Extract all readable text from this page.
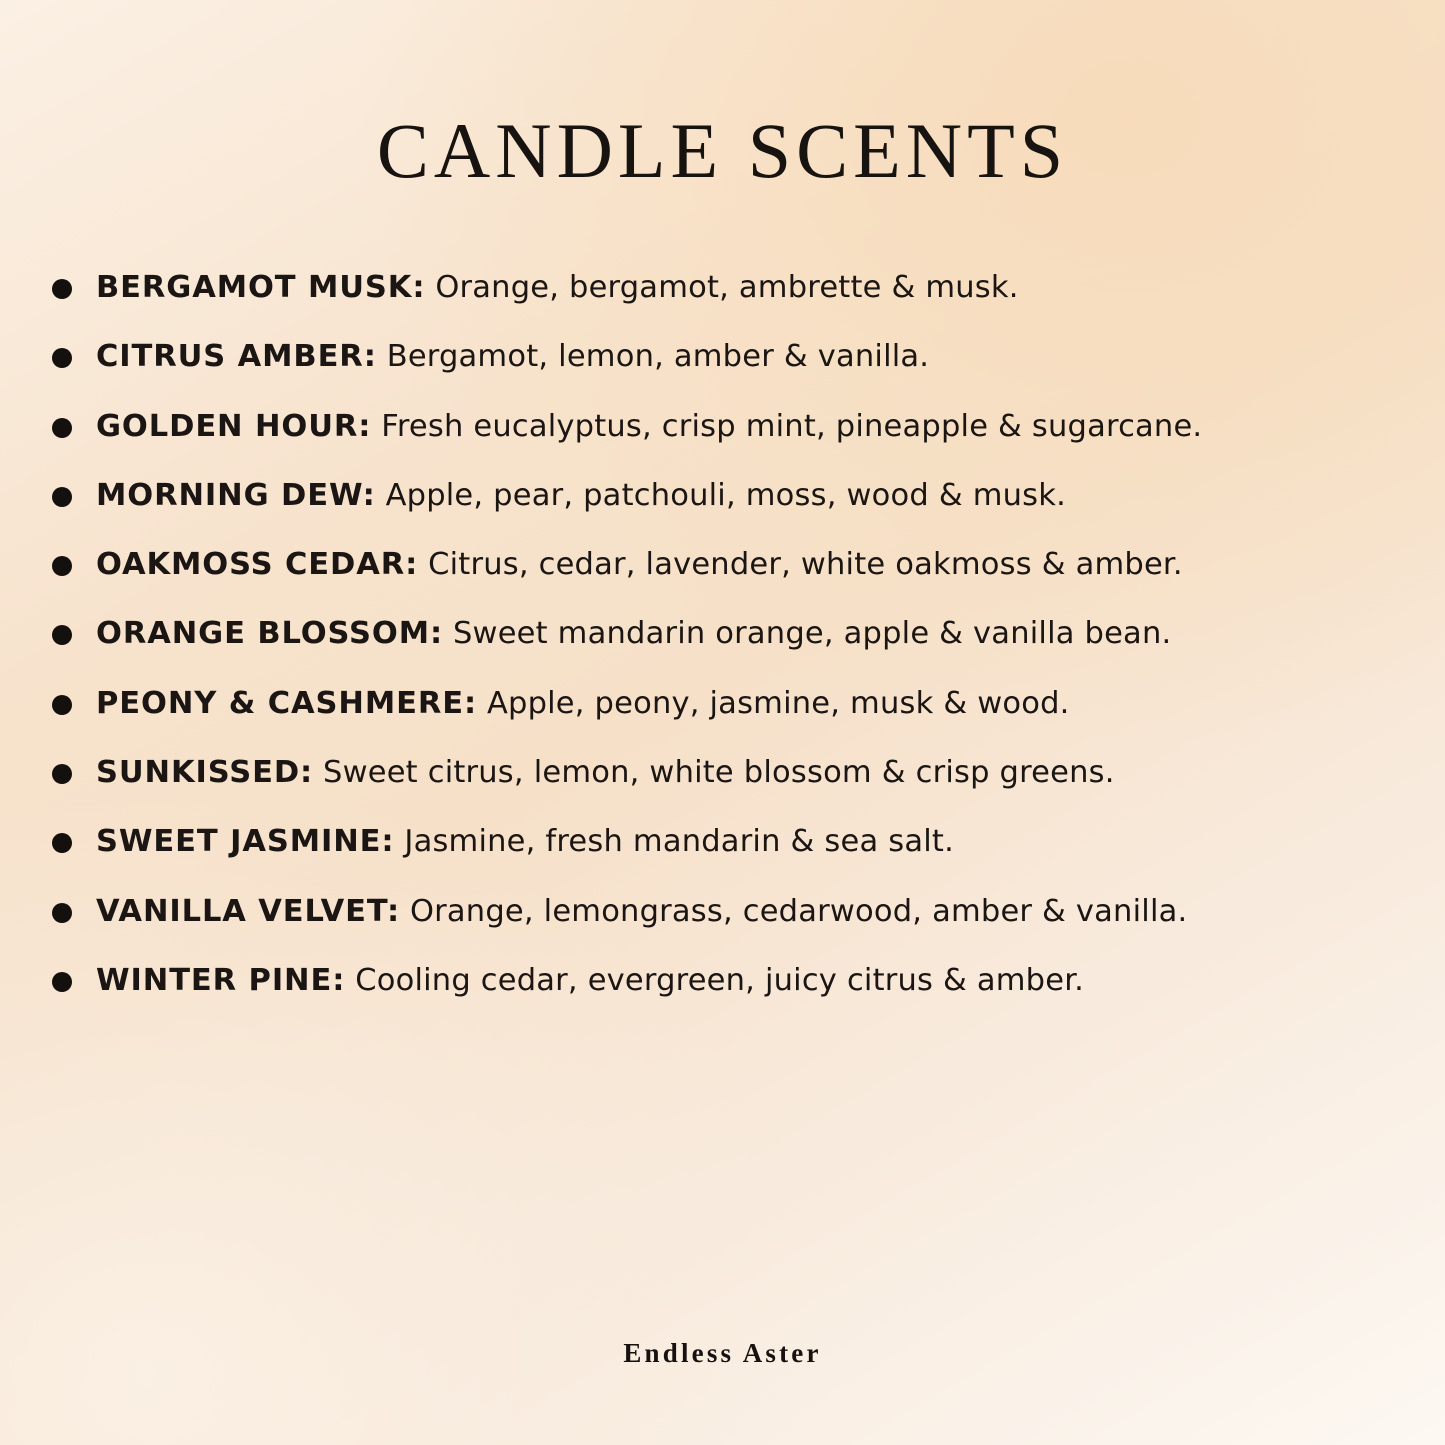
CANDLE SCENTS
BERGAMOT MUSK: Orange, bergamot, ambrette & musk.
CITRUS AMBER: Bergamot, lemon, amber & vanilla.
GOLDEN HOUR: Fresh eucalyptus, crisp mint, pineapple & sugarcane.
MORNING DEW: Apple, pear, patchouli, moss, wood & musk.
OAKMOSS CEDAR: Citrus, cedar, lavender, white oakmoss & amber.
ORANGE BLOSSOM: Sweet mandarin orange, apple & vanilla bean.
PEONY & CASHMERE: Apple, peony, jasmine, musk & wood.
SUNKISSED: Sweet citrus, lemon, white blossom & crisp greens.
SWEET JASMINE: Jasmine, fresh mandarin & sea salt.
VANILLA VELVET: Orange, lemongrass, cedarwood, amber & vanilla.
WINTER PINE: Cooling cedar, evergreen, juicy citrus & amber.
Endless Aster
